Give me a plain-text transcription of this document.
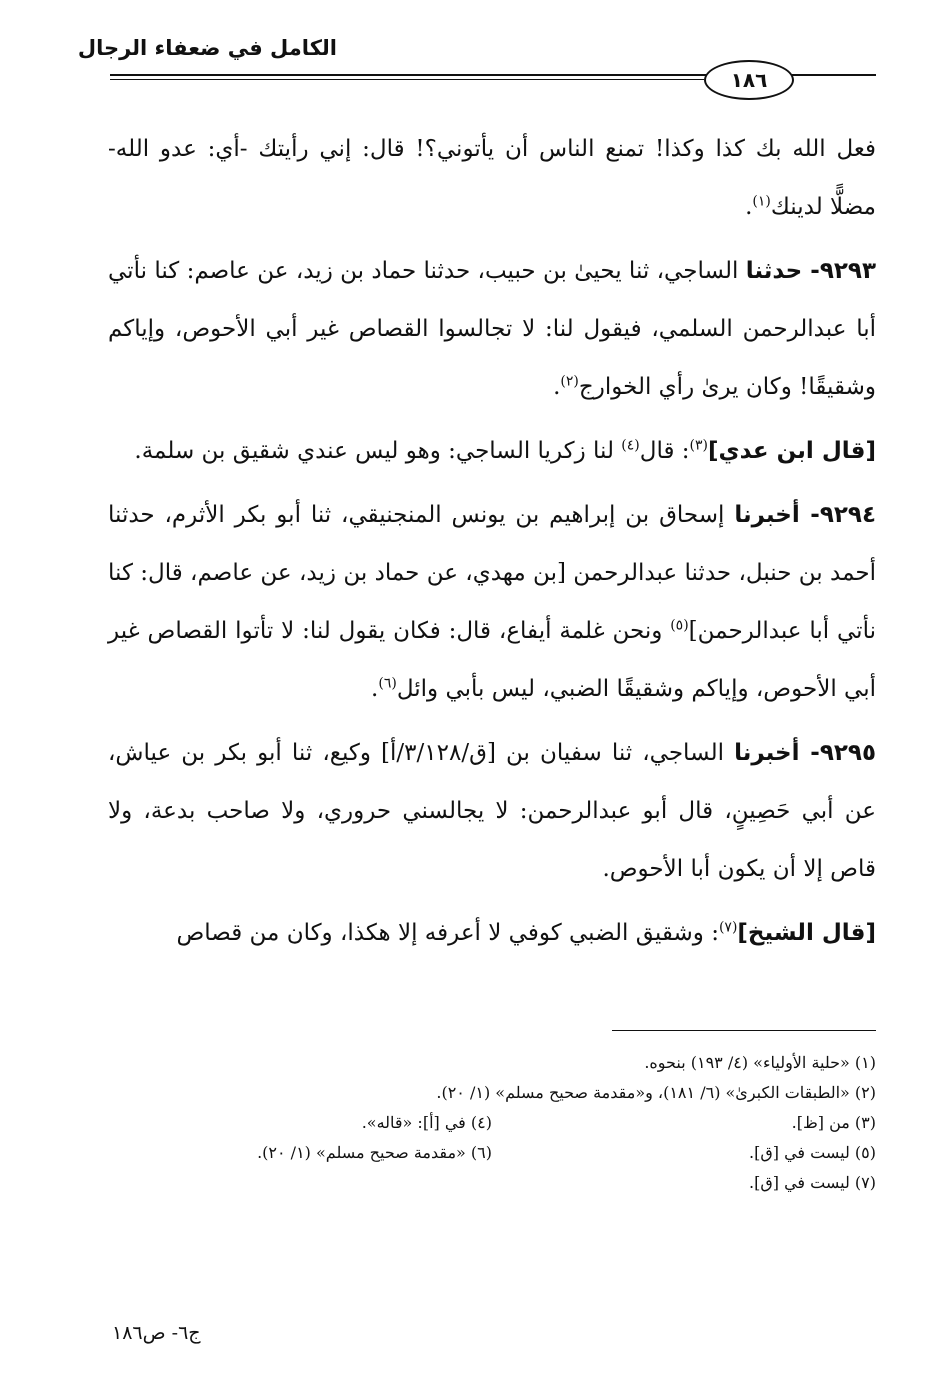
الكامل في ضعفاء الرجال
١٨٦

فعل الله بك كذا وكذا! تمنع الناس أن يأتوني؟! قال: إني رأيتك -أي: عدو الله- مضلًّا لدينك$^{(١)}$.

٩٢٩٣- حدثنا الساجي، ثنا يحيىٰ بن حبيب، حدثنا حماد بن زيد، عن عاصم: كنا نأتي أبا عبدالرحمن السلمي، فيقول لنا: لا تجالسوا القصاص غير أبي الأحوص، وإياكم وشقيقًا! وكان يرىٰ رأي الخوارج$^{(٢)}$.

[قال ابن عدي]$^{(٣)}$: قال$^{(٤)}$ لنا زكريا الساجي: وهو ليس عندي شقيق بن سلمة.

٩٢٩٤- أخبرنا إسحاق بن إبراهيم بن يونس المنجنيقي، ثنا أبو بكر الأثرم، حدثنا أحمد بن حنبل، حدثنا عبدالرحمن [بن مهدي، عن حماد بن زيد، عن عاصم، قال: كنا نأتي أبا عبدالرحمن]$^{(٥)}$ ونحن غلمة أيفاع، قال: فكان يقول لنا: لا تأتوا القصاص غير أبي الأحوص، وإياكم وشقيقًا الضبي، ليس بأبي وائل$^{(٦)}$.

٩٢٩٥- أخبرنا الساجي، ثنا سفيان بن [ق/٣/١٢٨/أ] وكيع، ثنا أبو بكر بن عياش، عن أبي حَصِينٍ، قال أبو عبدالرحمن: لا يجالسني حروري، ولا صاحب بدعة، ولا قاص إلا أن يكون أبا الأحوص.

[قال الشيخ]$^{(٧)}$: وشقيق الضبي كوفي لا أعرفه إلا هكذا، وكان من قصاص

(١) «حلية الأولياء» (٤/ ١٩٣) بنحوه.
(٢) «الطبقات الكبرىٰ» (٦/ ١٨١)، و«مقدمة صحيح مسلم» (١/ ٢٠).
(٣) من [ظ].
(٤) في [أ]: «قاله».
(٥) ليست في [ق].
(٦) «مقدمة صحيح مسلم» (١/ ٢٠).
(٧) ليست في [ق].
ج٦- ص١٨٦
